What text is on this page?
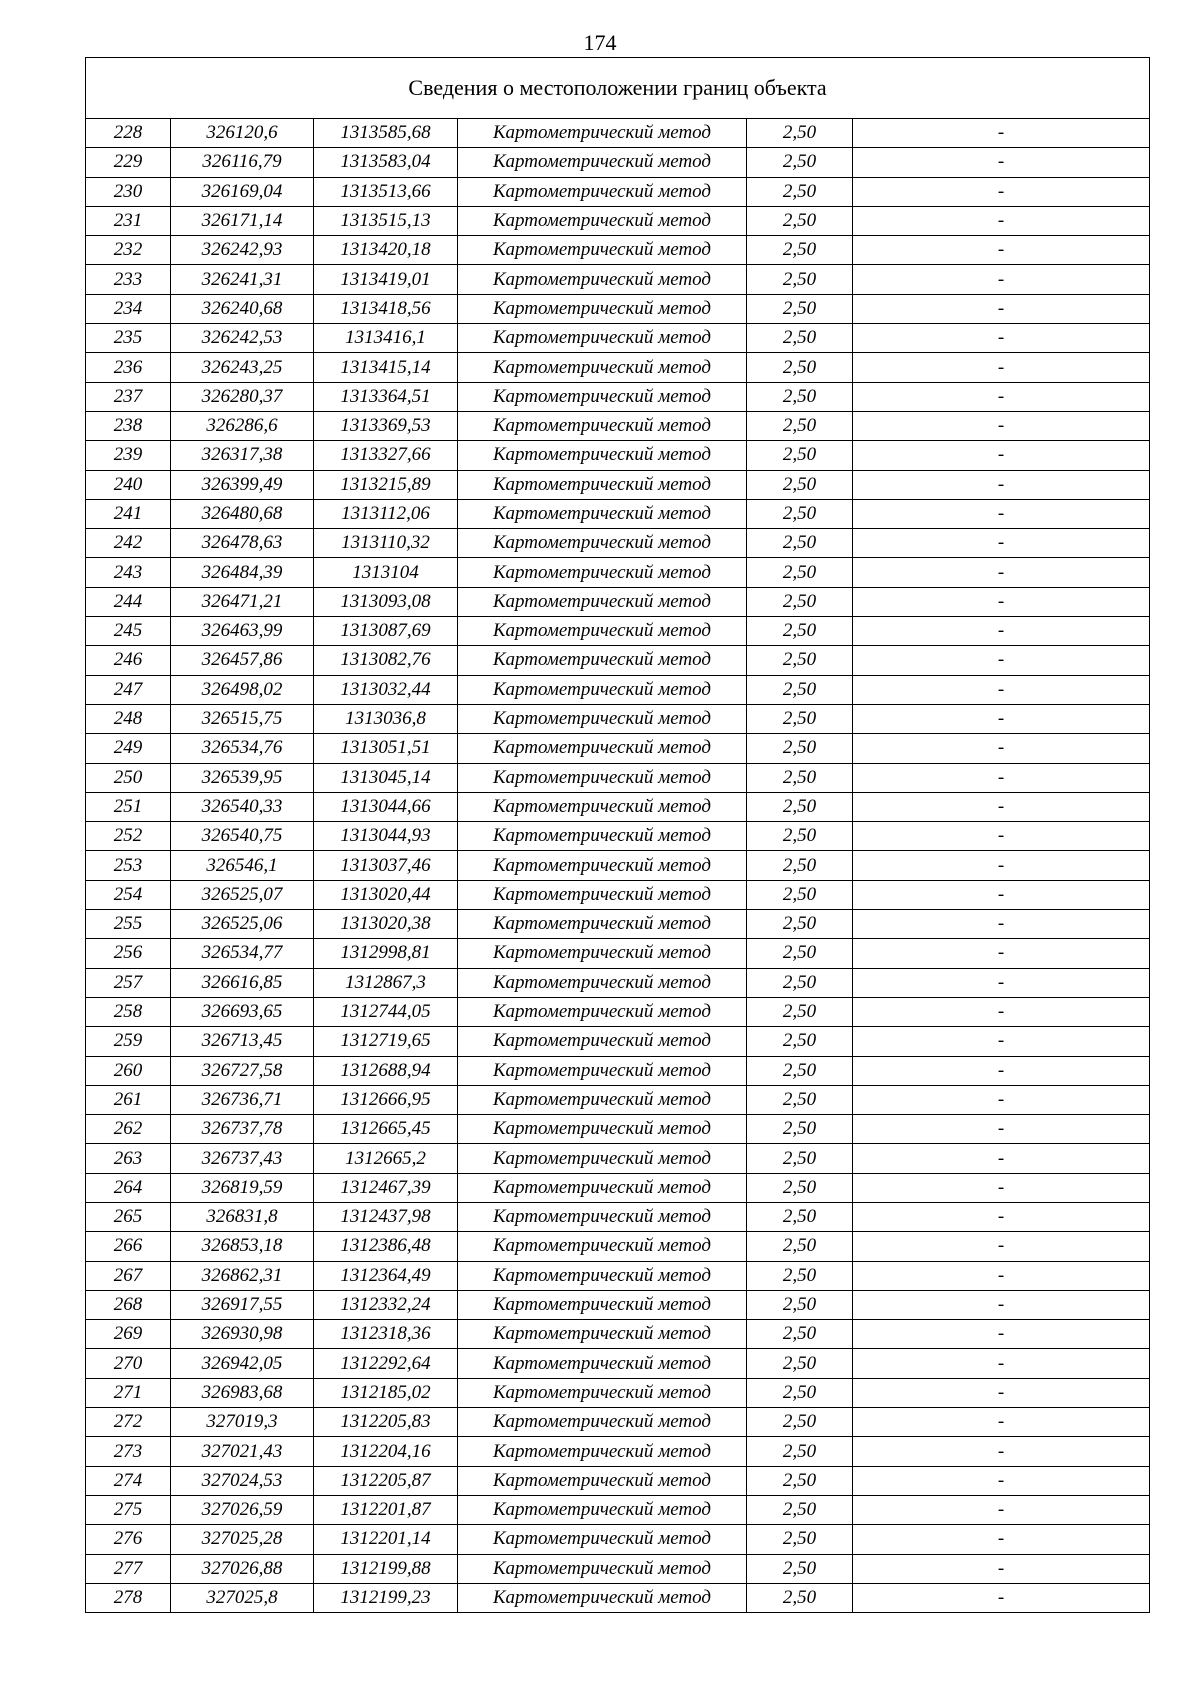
174
Сведения о местоположении границ объекта					
228	326120,6	1313585,68	Картометрический метод	2,50	-
229	326116,79	1313583,04	Картометрический метод	2,50	-
230	326169,04	1313513,66	Картометрический метод	2,50	-
231	326171,14	1313515,13	Картометрический метод	2,50	-
232	326242,93	1313420,18	Картометрический метод	2,50	-
233	326241,31	1313419,01	Картометрический метод	2,50	-
234	326240,68	1313418,56	Картометрический метод	2,50	-
235	326242,53	1313416,1	Картометрический метод	2,50	-
236	326243,25	1313415,14	Картометрический метод	2,50	-
237	326280,37	1313364,51	Картометрический метод	2,50	-
238	326286,6	1313369,53	Картометрический метод	2,50	-
239	326317,38	1313327,66	Картометрический метод	2,50	-
240	326399,49	1313215,89	Картометрический метод	2,50	-
241	326480,68	1313112,06	Картометрический метод	2,50	-
242	326478,63	1313110,32	Картометрический метод	2,50	-
243	326484,39	1313104	Картометрический метод	2,50	-
244	326471,21	1313093,08	Картометрический метод	2,50	-
245	326463,99	1313087,69	Картометрический метод	2,50	-
246	326457,86	1313082,76	Картометрический метод	2,50	-
247	326498,02	1313032,44	Картометрический метод	2,50	-
248	326515,75	1313036,8	Картометрический метод	2,50	-
249	326534,76	1313051,51	Картометрический метод	2,50	-
250	326539,95	1313045,14	Картометрический метод	2,50	-
251	326540,33	1313044,66	Картометрический метод	2,50	-
252	326540,75	1313044,93	Картометрический метод	2,50	-
253	326546,1	1313037,46	Картометрический метод	2,50	-
254	326525,07	1313020,44	Картометрический метод	2,50	-
255	326525,06	1313020,38	Картометрический метод	2,50	-
256	326534,77	1312998,81	Картометрический метод	2,50	-
257	326616,85	1312867,3	Картометрический метод	2,50	-
258	326693,65	1312744,05	Картометрический метод	2,50	-
259	326713,45	1312719,65	Картометрический метод	2,50	-
260	326727,58	1312688,94	Картометрический метод	2,50	-
261	326736,71	1312666,95	Картометрический метод	2,50	-
262	326737,78	1312665,45	Картометрический метод	2,50	-
263	326737,43	1312665,2	Картометрический метод	2,50	-
264	326819,59	1312467,39	Картометрический метод	2,50	-
265	326831,8	1312437,98	Картометрический метод	2,50	-
266	326853,18	1312386,48	Картометрический метод	2,50	-
267	326862,31	1312364,49	Картометрический метод	2,50	-
268	326917,55	1312332,24	Картометрический метод	2,50	-
269	326930,98	1312318,36	Картометрический метод	2,50	-
270	326942,05	1312292,64	Картометрический метод	2,50	-
271	326983,68	1312185,02	Картометрический метод	2,50	-
272	327019,3	1312205,83	Картометрический метод	2,50	-
273	327021,43	1312204,16	Картометрический метод	2,50	-
274	327024,53	1312205,87	Картометрический метод	2,50	-
275	327026,59	1312201,87	Картометрический метод	2,50	-
276	327025,28	1312201,14	Картометрический метод	2,50	-
277	327026,88	1312199,88	Картометрический метод	2,50	-
278	327025,8	1312199,23	Картометрический метод	2,50	-
